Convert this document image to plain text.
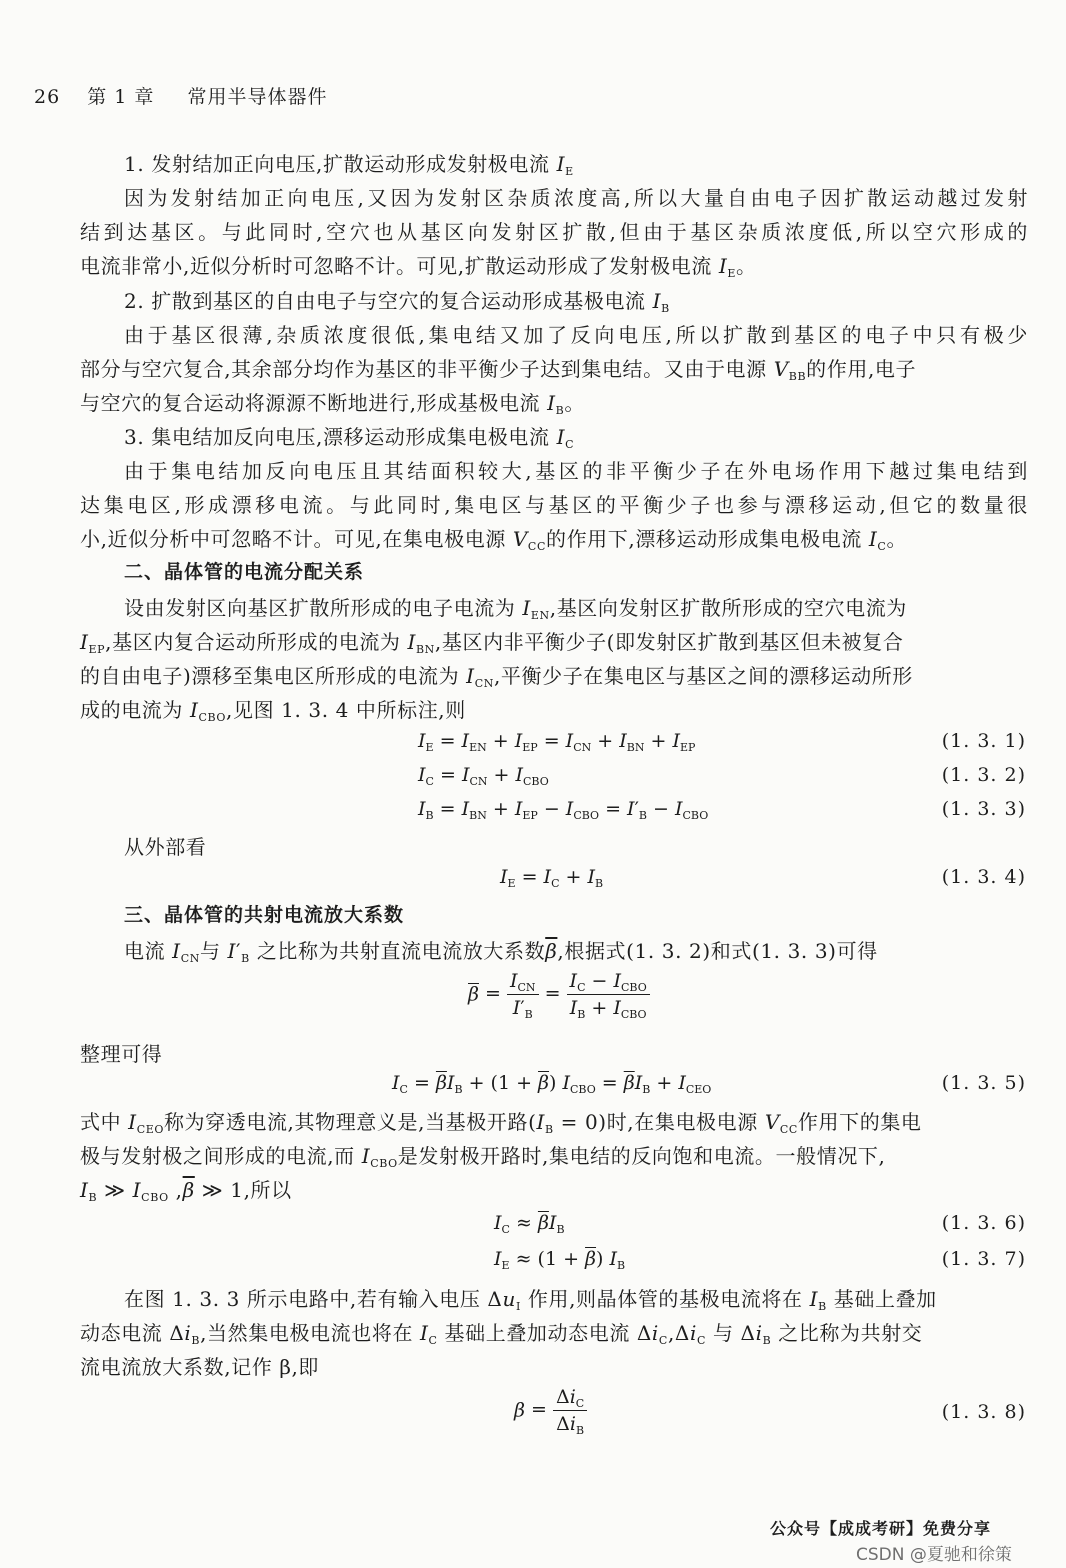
26 第 1 章 常用半导体器件
1. 发射结加正向电压,扩散运动形成发射极电流 $I_E$
因为发射结加正向电压,又因为发射区杂质浓度高,所以大量自由电子因扩散运动越过发射
结到达基区。与此同时,空穴也从基区向发射区扩散,但由于基区杂质浓度低,所以空穴形成的
电流非常小,近似分析时可忽略不计。可见,扩散运动形成了发射极电流 $I_E$。
2. 扩散到基区的自由电子与空穴的复合运动形成基极电流 $I_B$
由于基区很薄,杂质浓度很低,集电结又加了反向电压,所以扩散到基区的电子中只有极少
部分与空穴复合,其余部分均作为基区的非平衡少子达到集电结。又由于电源 $V_{BB}$的作用,电子
与空穴的复合运动将源源不断地进行,形成基极电流 $I_B$。
3. 集电结加反向电压,漂移运动形成集电极电流 $I_C$
由于集电结加反向电压且其结面积较大,基区的非平衡少子在外电场作用下越过集电结到
达集电区,形成漂移电流。与此同时,集电区与基区的平衡少子也参与漂移运动,但它的数量很
小,近似分析中可忽略不计。可见,在集电极电源 $V_{CC}$的作用下,漂移运动形成集电极电流 $I_C$。
二、晶体管的电流分配关系
设由发射区向基区扩散所形成的电子电流为 $I_{EN}$,基区向发射区扩散所形成的空穴电流为
$I_{EP}$,基区内复合运动所形成的电流为 $I_{BN}$,基区内非平衡少子(即发射区扩散到基区但未被复合
的自由电子)漂移至集电区所形成的电流为 $I_{CN}$,平衡少子在集电区与基区之间的漂移运动所形
成的电流为 $I_{CBO}$,见图 1. 3. 4 中所标注,则
$I_E = I_{EN} + I_{EP} = I_{CN} + I_{BN} + I_{EP}$	(1. 3. 1)
$I_C = I_{CN} + I_{CBO}$	(1. 3. 2)
$I_B = I_{BN} + I_{EP} - I_{CBO} = I'_B - I_{CBO}$	(1. 3. 3)
从外部看
$I_E = I_C + I_B$	(1. 3. 4)
三、晶体管的共射电流放大系数
电流 $I_{CN}$与 $I'_B$ 之比称为共射直流电流放大系数$\overline{\beta}$,根据式(1. 3. 2)和式(1. 3. 3)可得
$\overline{\beta} = \frac{I_{CN}}{I'_B} = \frac{I_C - I_{CBO}}{I_B + I_{CBO}}$
整理可得
$I_C = \overline{\beta}I_B + (1 + \overline{\beta}) I_{CBO} = \overline{\beta}I_B + I_{CEO}$	(1. 3. 5)
式中 $I_{CEO}$称为穿透电流,其物理意义是,当基极开路$(I_B = 0)$时,在集电极电源 $V_{CC}$作用下的集电
极与发射极之间形成的电流,而 $I_{CBO}$是发射极开路时,集电结的反向饱和电流。一般情况下,
$I_B$ ≫ $I_{CBO}$ $,\overline{\beta}$ ≫ 1,所以
$I_C \approx \overline{\beta}I_B$	(1. 3. 6)
$I_E \approx (1 + \overline{\beta})$ $I_B$	(1. 3. 7)
在图 1. 3. 3 所示电路中,若有输入电压 $\Delta u_I$ 作用,则晶体管的基极电流将在 $I_B$ 基础上叠加
动态电流 $\Delta i_B$,当然集电极电流也将在 $I_C$ 基础上叠加动态电流 $\Delta i_C,\Delta i_C$ 与 $\Delta i_B$ 之比称为共射交
流电流放大系数,记作 β,即
$\beta = \frac{\Delta i_C}{\Delta i_B}$	(1. 3. 8)
公众号【成成考研】免费分享
CSDN @夏驰和徐策
